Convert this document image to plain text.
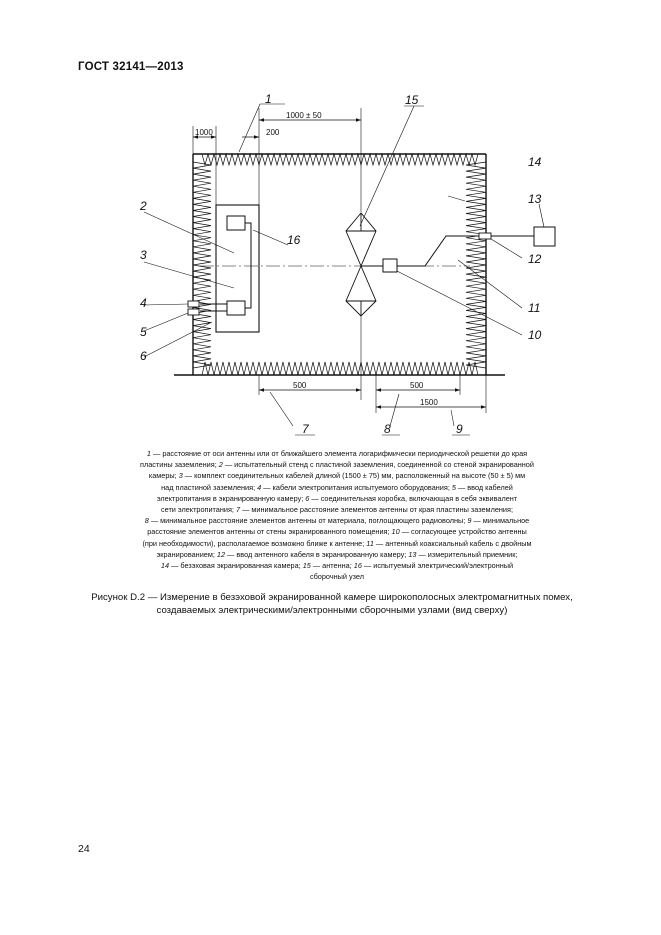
ГОСТ 32141—2013
1000
1000 ± 50
200
500	500
1500
1	15
14
13
2
16
3	12
4	11
5	10
6
7	8	9
1 — расстояние от оси антенны или от ближайшего элемента логарифмически периодической решетки до края
пластины заземления; 2 — испытательный стенд с пластиной заземления, соединенной со стеной экранированной
камеры; 3 — комплект соединительных кабелей длиной (1500 ± 75) мм, расположенный на высоте (50 ± 5) мм
над пластиной заземления; 4 — кабели электропитания испытуемого оборудования; 5 — ввод кабелей
электропитания в экранированную камеру; 6 — соединительная коробка, включающая в себя эквивалент
сети электропитания; 7 — минимальное расстояние элементов антенны от края пластины заземления;
8 — минимальное расстояние элементов антенны от материала, поглощающего радиоволны; 9 — минимальное
расстояние элементов антенны от стены экранированного помещения; 10 — согласующее устройство антенны
(при необходимости), располагаемое возможно ближе к антенне; 11 — антенный коаксиальный кабель с двойным
экранированием; 12 — ввод антенного кабеля в экранированную камеру; 13 — измерительный приемник;
14 — безэховая экранированная камера; 15 — антенна; 16 — испытуемый электрический/электронный
сборочный узел
Рисунок D.2 — Измерение в безэховой экранированной камере широкополосных электромагнитных помех,
создаваемых электрическими/электронными сборочными узлами (вид сверху)
24
